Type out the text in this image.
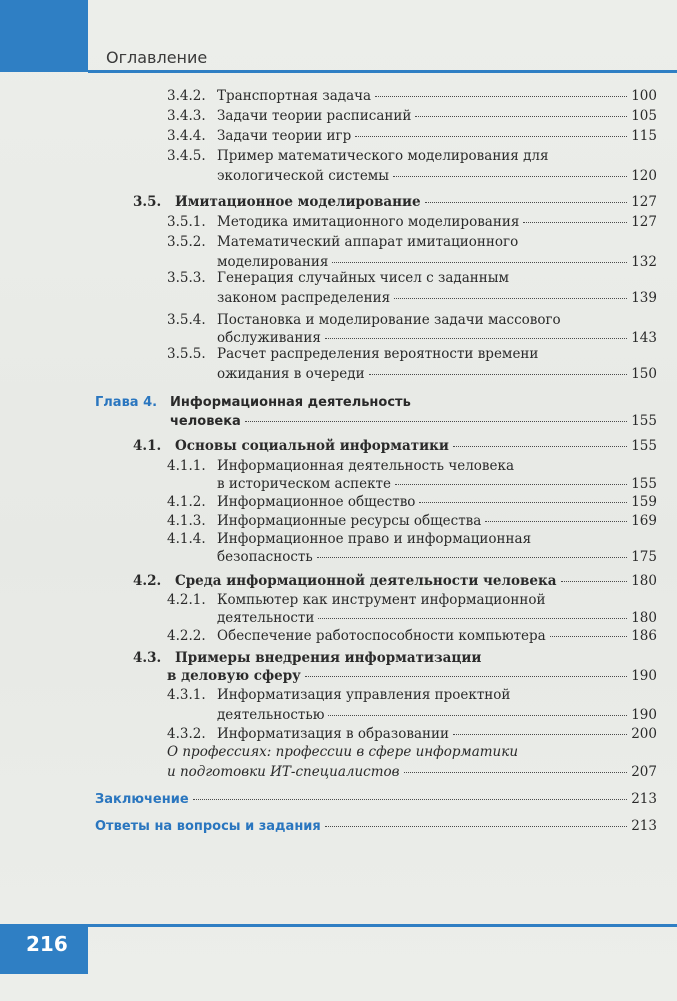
Оглавление
3.4.2. Транспортная задача	100
3.4.3. Задачи теории расписаний	105
3.4.4. Задачи теории игр	115
3.4.5. Пример математического моделирования для
экологической системы	120
3.5.	Имитационное моделирование	127
3.5.1. Методика имитационного моделирования	127
3.5.2. Математический аппарат имитационного
моделирования	132
3.5.3. Генерация случайных чисел с заданным
законом распределения	139
3.5.4. Постановка и моделирование задачи массового
обслуживания	143
3.5.5. Расчет распределения вероятности времени
ожидания в очереди	150
Глава 4. Информационная деятельность
человека	155
4.1.	Основы социальной информатики	155
4.1.1. Информационная деятельность человека
в историческом аспекте	155
4.1.2. Информационное общество	159
4.1.3. Информационные ресурсы общества	169
4.1.4. Информационное право и информационная
безопасность	175
4.2.	Среда информационной деятельности человека	180
4.2.1. Компьютер как инструмент информационной
деятельности	180
4.2.2. Обеспечение работоспособности компьютера	186
4.3.	Примеры внедрения информатизации
в деловую сферу	190
4.3.1. Информатизация управления проектной
деятельностью	190
4.3.2. Информатизация в образовании	200
О профессиях: профессии в сфере информатики
и подготовки ИТ-специалистов	207
Заключение	213
Ответы на вопросы и задания	213
216
